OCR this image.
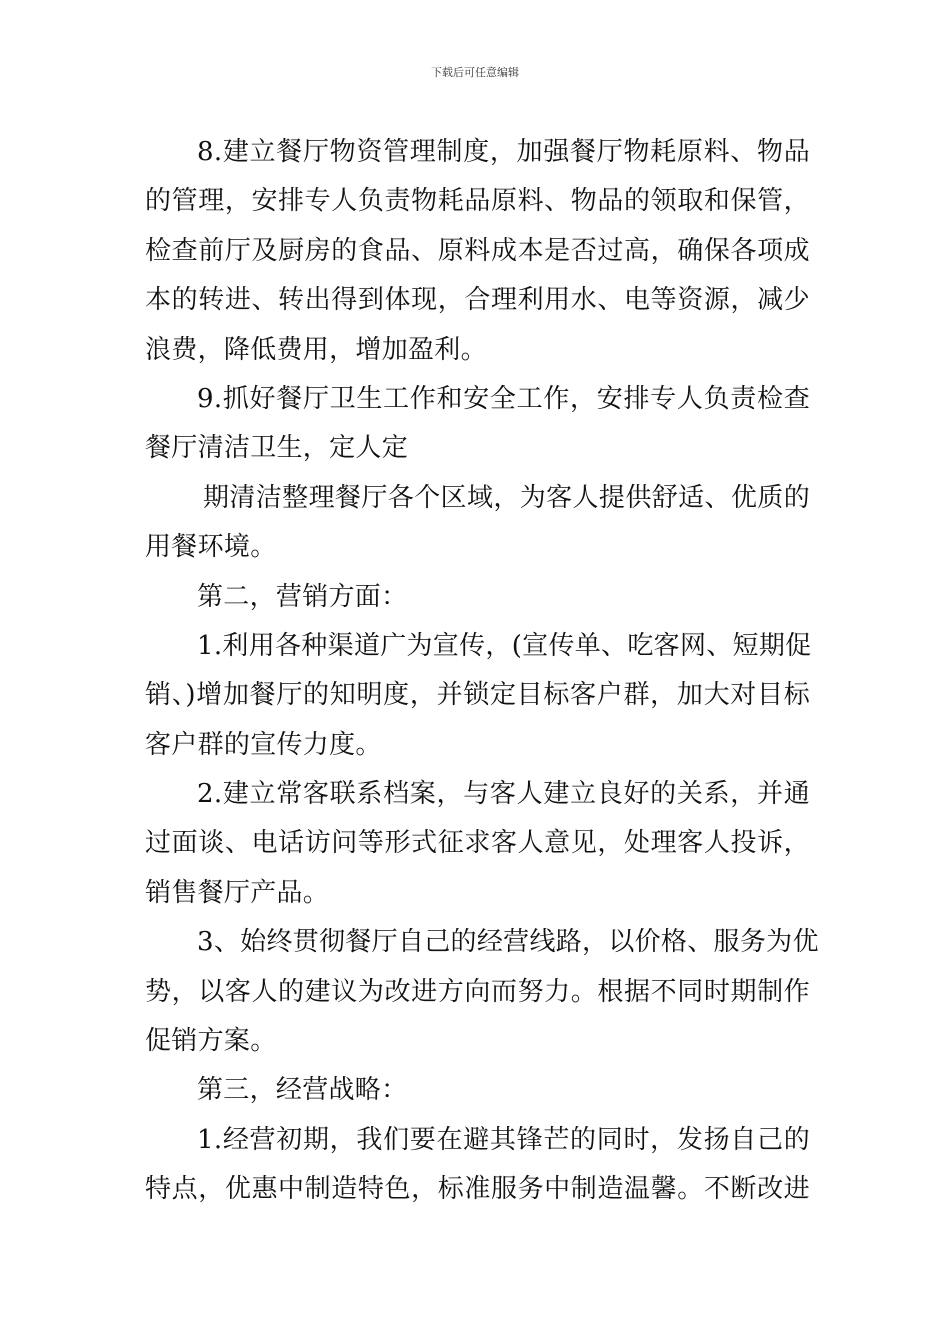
下载后可任意编辑
8.建立餐厅物资管理制度，加强餐厅物耗原料、物品
的管理，安排专人负责物耗品原料、物品的领取和保管，
检查前厅及厨房的食品、原料成本是否过高，确保各项成
本的转进、转出得到体现，合理利用水、电等资源，减少
浪费，降低费用，增加盈利。
9.抓好餐厅卫生工作和安全工作，安排专人负责检查
餐厅清洁卫生，定人定
期清洁整理餐厅各个区域，为客人提供舒适、优质的
用餐环境。
第二，营销方面：
1.利用各种渠道广为宣传，(宣传单、吃客网、短期促
销、)增加餐厅的知明度，并锁定目标客户群，加大对目标
客户群的宣传力度。
2.建立常客联系档案，与客人建立良好的关系，并通
过面谈、电话访问等形式征求客人意见，处理客人投诉，
销售餐厅产品。
3、始终贯彻餐厅自己的经营线路，以价格、服务为优
势，以客人的建议为改进方向而努力。根据不同时期制作
促销方案。
第三，经营战略：
1.经营初期，我们要在避其锋芒的同时，发扬自己的
特点，优惠中制造特色，标准服务中制造温馨。不断改进
